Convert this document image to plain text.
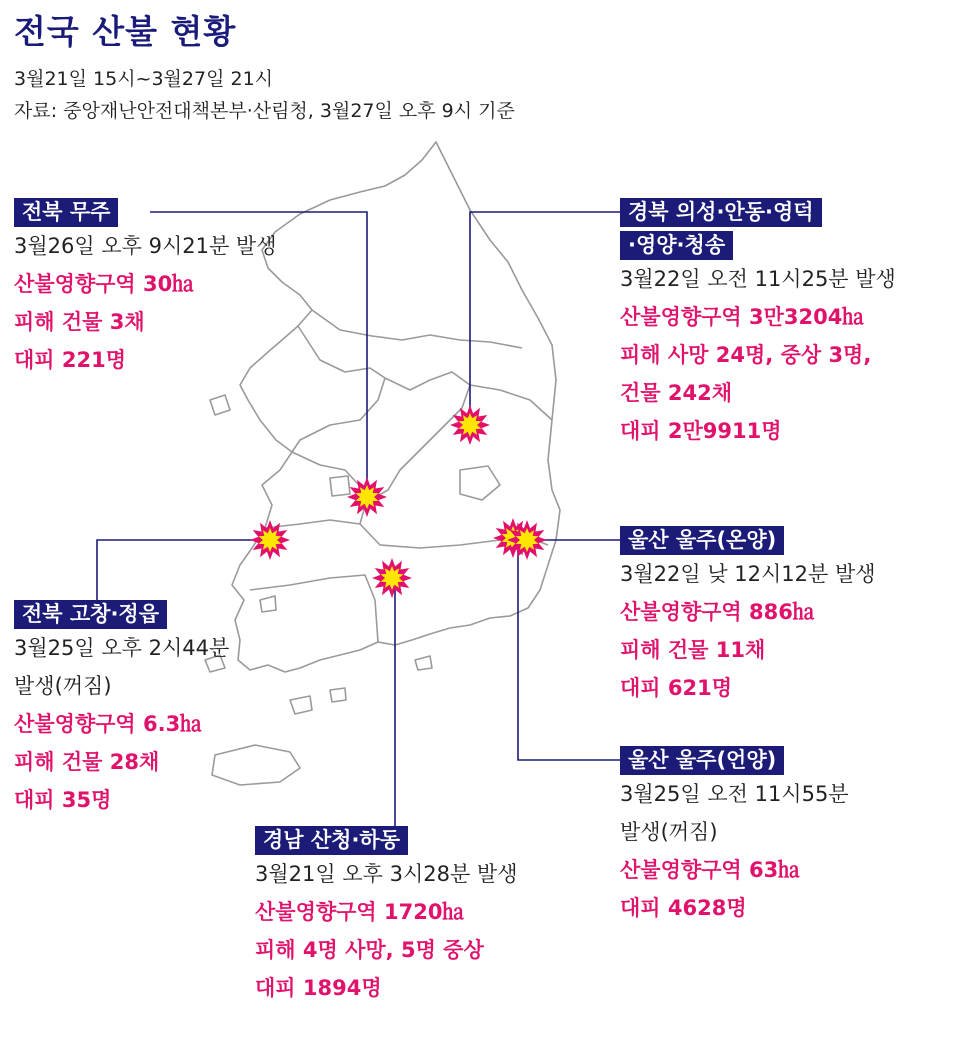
전국 산불 현황
3월21일 15시~3월27일 21시
자료: 중앙재난안전대책본부·산림청, 3월27일 오후 9시 기준
전북 무주
3월26일 오후 9시21분 발생
산불영향구역 30㏊
피해 건물 3채
대피 221명
전북 고창·정읍
3월25일 오후 2시44분
발생(꺼짐)
산불영향구역 6.3㏊
피해 건물 28채
대피 35명
경남 산청·하동
3월21일 오후 3시28분 발생
산불영향구역 1720㏊
피해 4명 사망, 5명 중상
대피 1894명
경북 의성·안동·영덕
·영양·청송
3월22일 오전 11시25분 발생
산불영향구역 3만3204㏊
피해 사망 24명, 중상 3명,
건물 242채
대피 2만9911명
울산 울주(온양)
3월22일 낮 12시12분 발생
산불영향구역 886㏊
피해 건물 11채
대피 621명
울산 울주(언양)
3월25일 오전 11시55분
발생(꺼짐)
산불영향구역 63㏊
대피 4628명
